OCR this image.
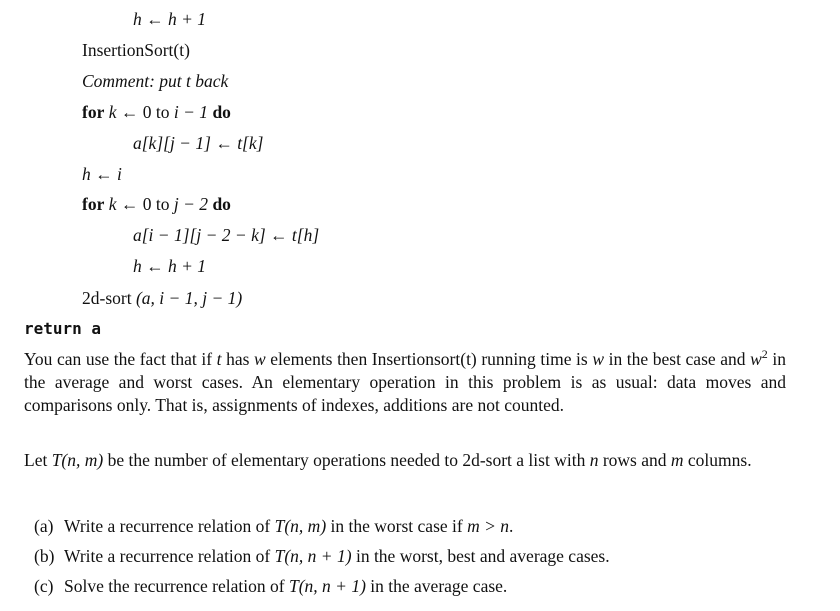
h ← h + 1
InsertionSort(t)
Comment: put t back
for k ← 0 to i − 1 do
a[k][j − 1] ← t[k]
h ← i
for k ← 0 to j − 2 do
a[i − 1][j − 2 − k] ← t[h]
h ← h + 1
2d-sort (a, i − 1, j − 1)
return a
You can use the fact that if t has w elements then Insertionsort(t) running time is w in the best case and $w^2$ in the average and worst cases. An elementary operation in this problem is as usual: data moves and comparisons only. That is, assignments of indexes, additions are not counted.
Let T(n, m) be the number of elementary operations needed to 2d-sort a list with n rows and m columns.
(a) Write a recurrence relation of T(n, m) in the worst case if m > n.
(b) Write a recurrence relation of T(n, n + 1) in the worst, best and average cases.
(c) Solve the recurrence relation of T(n, n + 1) in the average case.
